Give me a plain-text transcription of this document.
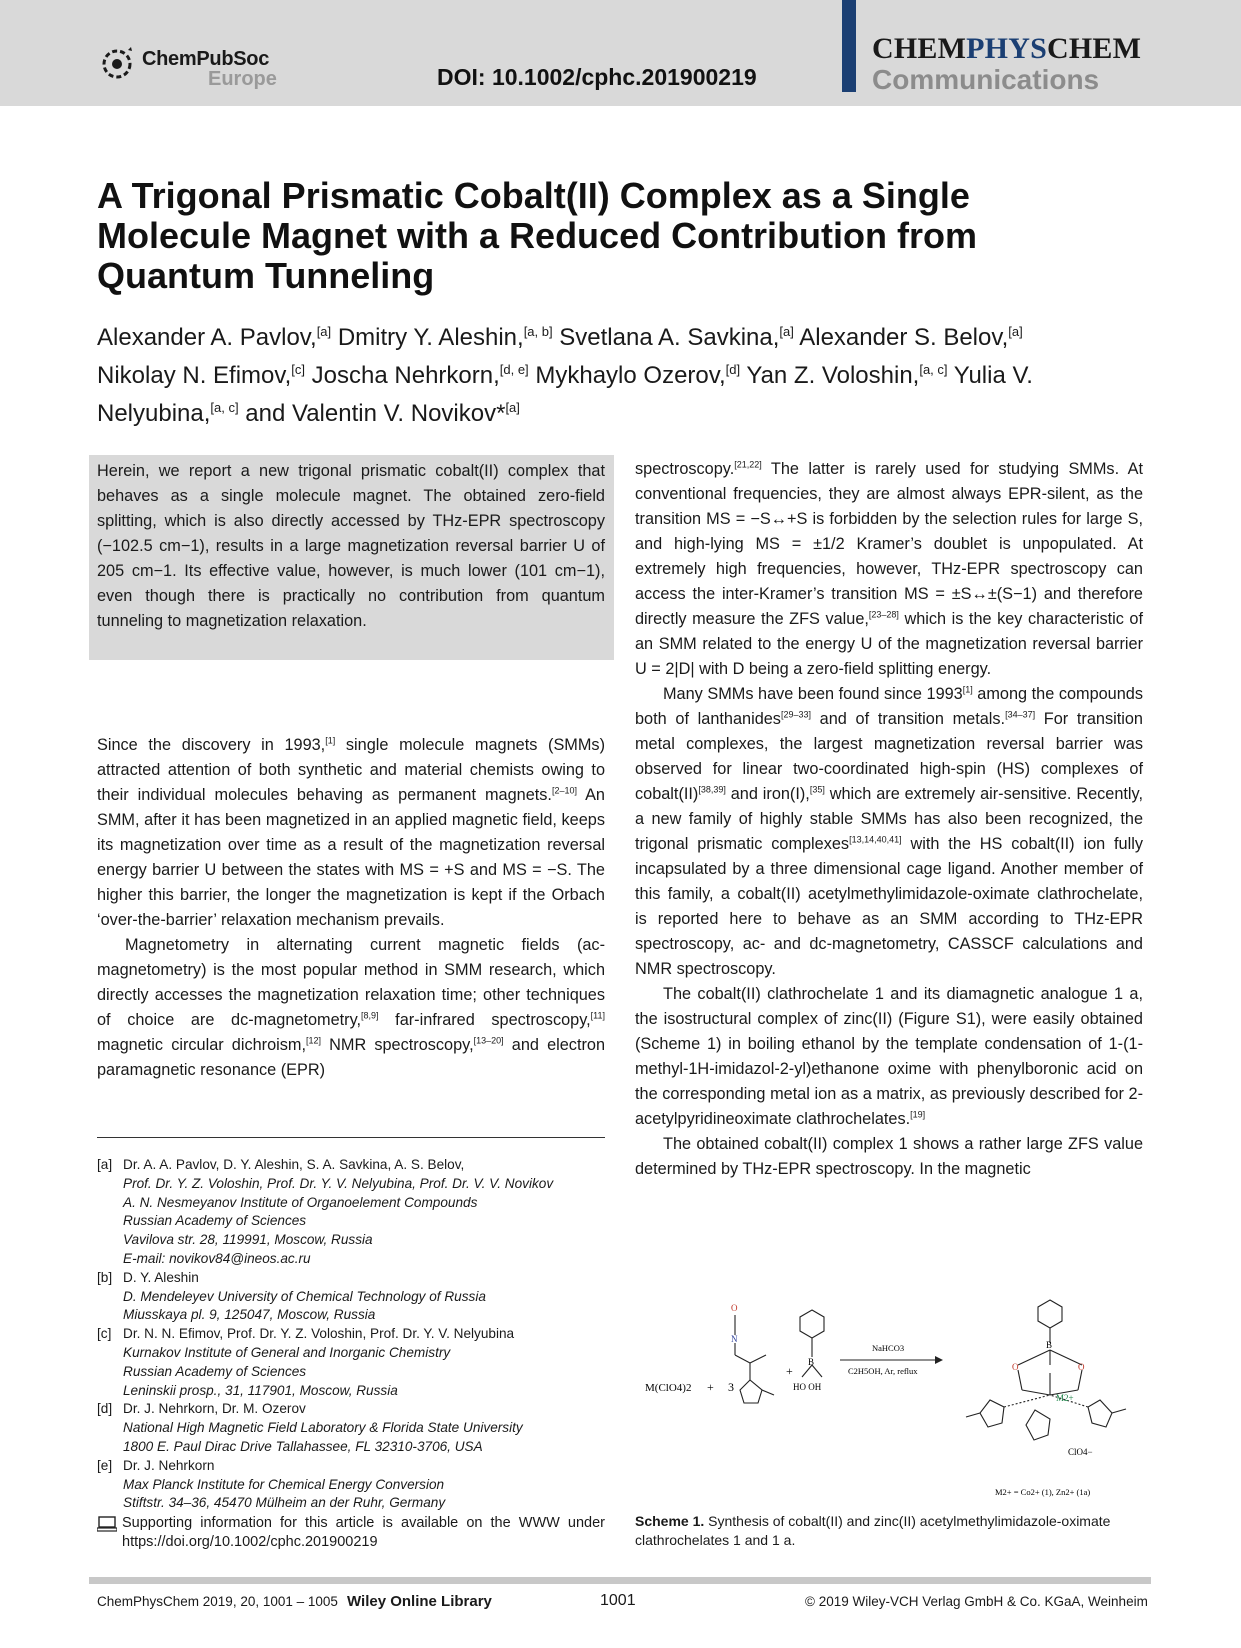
ChemPubSoc
Europe	DOI: 10.1002/cphc.201900219
CHEMPHYSCHEM
Communications
A Trigonal Prismatic Cobalt(II) Complex as a Single Molecule Magnet with a Reduced Contribution from Quantum Tunneling
Alexander A. Pavlov,[a] Dmitry Y. Aleshin,[a, b] Svetlana A. Savkina,[a] Alexander S. Belov,[a] Nikolay N. Efimov,[c] Joscha Nehrkorn,[d, e] Mykhaylo Ozerov,[d] Yan Z. Voloshin,[a, c] Yulia V. Nelyubina,[a, c] and Valentin V. Novikov*[a]

Herein, we report a new trigonal prismatic cobalt(II) complex that behaves as a single molecule magnet. The obtained zero-field splitting, which is also directly accessed by THz-EPR spectroscopy (−102.5 cm−1), results in a large magnetization reversal barrier U of 205 cm−1. Its effective value, however, is much lower (101 cm−1), even though there is practically no contribution from quantum tunneling to magnetization relaxation.

Since the discovery in 1993,[1] single molecule magnets (SMMs) attracted attention of both synthetic and material chemists owing to their individual molecules behaving as permanent magnets.[2–10] An SMM, after it has been magnetized in an applied magnetic field, keeps its magnetization over time as a result of the magnetization reversal energy barrier U between the states with MS = +S and MS = −S. The higher this barrier, the longer the magnetization is kept if the Orbach ‘over-the-barrier’ relaxation mechanism prevails.

Magnetometry in alternating current magnetic fields (ac-magnetometry) is the most popular method in SMM research, which directly accesses the magnetization relaxation time; other techniques of choice are dc-magnetometry,[8,9] far-infrared spectroscopy,[11] magnetic circular dichroism,[12] NMR spectroscopy,[13–20] and electron paramagnetic resonance (EPR)

spectroscopy.[21,22] The latter is rarely used for studying SMMs. At conventional frequencies, they are almost always EPR-silent, as the transition MS = −S↔+S is forbidden by the selection rules for large S, and high-lying MS = ±1/2 Kramer’s doublet is unpopulated. At extremely high frequencies, however, THz-EPR spectroscopy can access the inter-Kramer’s transition MS = ±S↔±(S−1) and therefore directly measure the ZFS value,[23–28] which is the key characteristic of an SMM related to the energy U of the magnetization reversal barrier U = 2|D| with D being a zero-field splitting energy.

Many SMMs have been found since 1993[1] among the compounds both of lanthanides[29–33] and of transition metals.[34–37] For transition metal complexes, the largest magnetization reversal barrier was observed for linear two-coordinated high-spin (HS) complexes of cobalt(II)[38,39] and iron(I),[35] which are extremely air-sensitive. Recently, a new family of highly stable SMMs has also been recognized, the trigonal prismatic complexes[13,14,40,41] with the HS cobalt(II) ion fully incapsulated by a three dimensional cage ligand. Another member of this family, a cobalt(II) acetylmethylimidazole-oximate clathrochelate, is reported here to behave as an SMM according to THz-EPR spectroscopy, ac- and dc-magnetometry, CASSCF calculations and NMR spectroscopy.

The cobalt(II) clathrochelate 1 and its diamagnetic analogue 1 a, the isostructural complex of zinc(II) (Figure S1), were easily obtained (Scheme 1) in boiling ethanol by the template condensation of 1-(1-methyl-1H-imidazol-2-yl)ethanone oxime with phenylboronic acid on the corresponding metal ion as a matrix, as previously described for 2-acetylpyridineoximate clathrochelates.[19]

The obtained cobalt(II) complex 1 shows a rather large ZFS value determined by THz-EPR spectroscopy. In the magnetic

[a] Dr. A. A. Pavlov, D. Y. Aleshin, S. A. Savkina, A. S. Belov,
Prof. Dr. Y. Z. Voloshin, Prof. Dr. Y. V. Nelyubina, Prof. Dr. V. V. Novikov
A. N. Nesmeyanov Institute of Organoelement Compounds
Russian Academy of Sciences
Vavilova str. 28, 119991, Moscow, Russia
E-mail: novikov84@ineos.ac.ru
[b] D. Y. Aleshin
D. Mendeleyev University of Chemical Technology of Russia
Miusskaya pl. 9, 125047, Moscow, Russia
[c] Dr. N. N. Efimov, Prof. Dr. Y. Z. Voloshin, Prof. Dr. Y. V. Nelyubina
Kurnakov Institute of General and Inorganic Chemistry
Russian Academy of Sciences
Leninskii prosp., 31, 117901, Moscow, Russia
[d] Dr. J. Nehrkorn, Dr. M. Ozerov
National High Magnetic Field Laboratory & Florida State University
1800 E. Paul Dirac Drive Tallahassee, FL 32310-3706, USA
[e] Dr. J. Nehrkorn
Max Planck Institute for Chemical Energy Conversion
Stiftstr. 34–36, 45470 Mülheim an der Ruhr, Germany
Supporting information for this article is available on the WWW under https://doi.org/10.1002/cphc.201900219
M(ClO4)2 + 3
O
N
+
B
HO OH
NaHCO3
C2H5OH, Ar, reflux
B
O	O
M2+
ClO4−
M2+ = Co2+ (1), Zn2+ (1a)
Scheme 1. Synthesis of cobalt(II) and zinc(II) acetylmethylimidazole-oximate clathrochelates 1 and 1 a.
ChemPhysChem 2019, 20, 1001 – 1005 Wiley Online Library	1001	© 2019 Wiley-VCH Verlag GmbH & Co. KGaA, Weinheim
